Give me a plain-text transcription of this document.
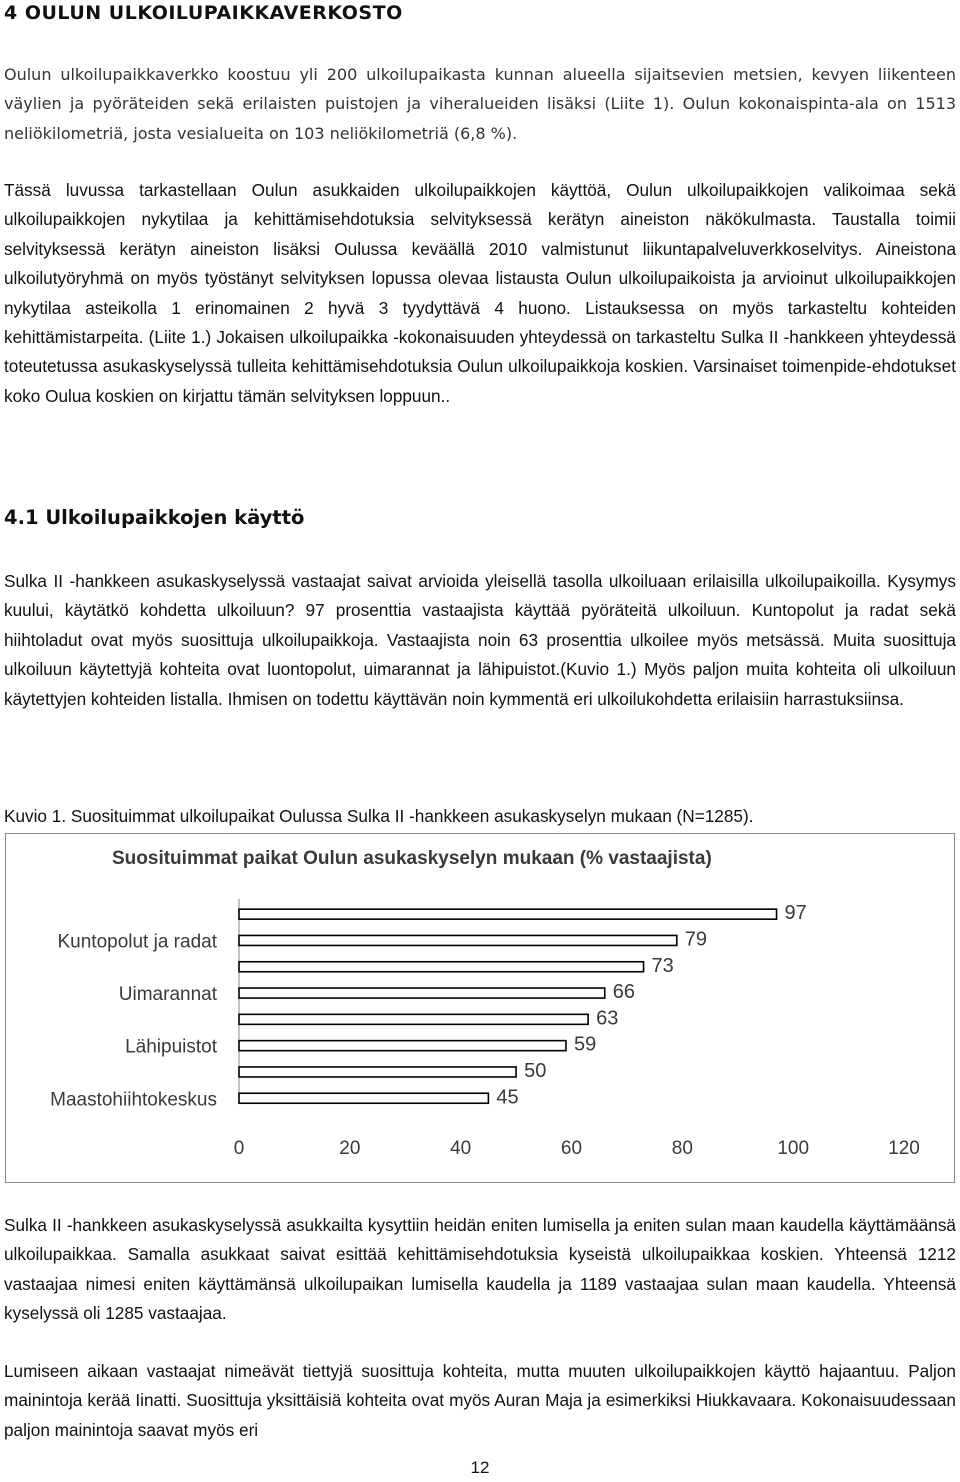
4 OULUN ULKOILUPAIKKAVERKOSTO

Oulun ulkoilupaikkaverkko koostuu yli 200 ulkoilupaikasta kunnan alueella sijaitsevien metsien, kevyen liikenteen väylien ja pyöräteiden sekä erilaisten puistojen ja viheralueiden lisäksi (Liite 1). Oulun kokonaispinta-ala on 1513 neliökilometriä, josta vesialueita on 103 neliökilometriä (6,8 %).

Tässä luvussa tarkastellaan Oulun asukkaiden ulkoilupaikkojen käyttöä, Oulun ulkoilupaikkojen valikoimaa sekä ulkoilupaikkojen nykytilaa ja kehittämisehdotuksia selvityksessä kerätyn aineiston näkökulmasta. Taustalla toimii selvityksessä kerätyn aineiston lisäksi Oulussa keväällä 2010 valmistunut liikuntapalveluverkkoselvitys. Aineistona ulkoilutyöryhmä on myös työstänyt selvityksen lopussa olevaa listausta Oulun ulkoilupaikoista ja arvioinut ulkoilupaikkojen nykytilaa asteikolla 1 erinomainen 2 hyvä 3 tyydyttävä 4 huono. Listauksessa on myös tarkasteltu kohteiden kehittämistarpeita. (Liite 1.) Jokaisen ulkoilupaikka -kokonaisuuden yhteydessä on tarkasteltu Sulka II -hankkeen yhteydessä toteutetussa asukaskyselyssä tulleita kehittämisehdotuksia Oulun ulkoilupaikkoja koskien. Varsinaiset toimenpide-ehdotukset koko Oulua koskien on kirjattu tämän selvityksen loppuun..

4.1 Ulkoilupaikkojen käyttö

Sulka II -hankkeen asukaskyselyssä vastaajat saivat arvioida yleisellä tasolla ulkoiluaan erilaisilla ulkoilupaikoilla. Kysymys kuului, käytätkö kohdetta ulkoiluun? 97 prosenttia vastaajista käyttää pyöräteitä ulkoiluun. Kuntopolut ja radat sekä hiihtoladut ovat myös suosittuja ulkoilupaikkoja. Vastaajista noin 63 prosenttia ulkoilee myös metsässä. Muita suosittuja ulkoiluun käytettyjä kohteita ovat luontopolut, uimarannat ja lähipuistot.(Kuvio 1.) Myös paljon muita kohteita oli ulkoiluun käytettyjen kohteiden listalla. Ihmisen on todettu käyttävän noin kymmentä eri ulkoilukohdetta erilaisiin harrastuksiinsa.

Kuvio 1. Suosituimmat ulkoilupaikat Oulussa Sulka II -hankkeen asukaskyselyn mukaan (N=1285).
Suosituimmat paikat Oulun asukaskyselyn mukaan (% vastaajista)
97
79
Kuntopolut ja radat
73
66
Uimarannat
63
59
Lähipuistot
50
45
Maastohiihtokeskus
0	20	40	60	80	100	120

Sulka II -hankkeen asukaskyselyssä asukkailta kysyttiin heidän eniten lumisella ja eniten sulan maan kaudella käyttämäänsä ulkoilupaikkaa. Samalla asukkaat saivat esittää kehittämisehdotuksia kyseistä ulkoilupaikkaa koskien. Yhteensä 1212 vastaajaa nimesi eniten käyttämänsä ulkoilupaikan lumisella kaudella ja 1189 vastaajaa sulan maan kaudella. Yhteensä kyselyssä oli 1285 vastaajaa.

Lumiseen aikaan vastaajat nimeävät tiettyjä suosittuja kohteita, mutta muuten ulkoilupaikkojen käyttö hajaantuu. Paljon mainintoja kerää Iinatti. Suosittuja yksittäisiä kohteita ovat myös Auran Maja ja esimerkiksi Hiukkavaara. Kokonaisuudessaan paljon mainintoja saavat myös eri

12
